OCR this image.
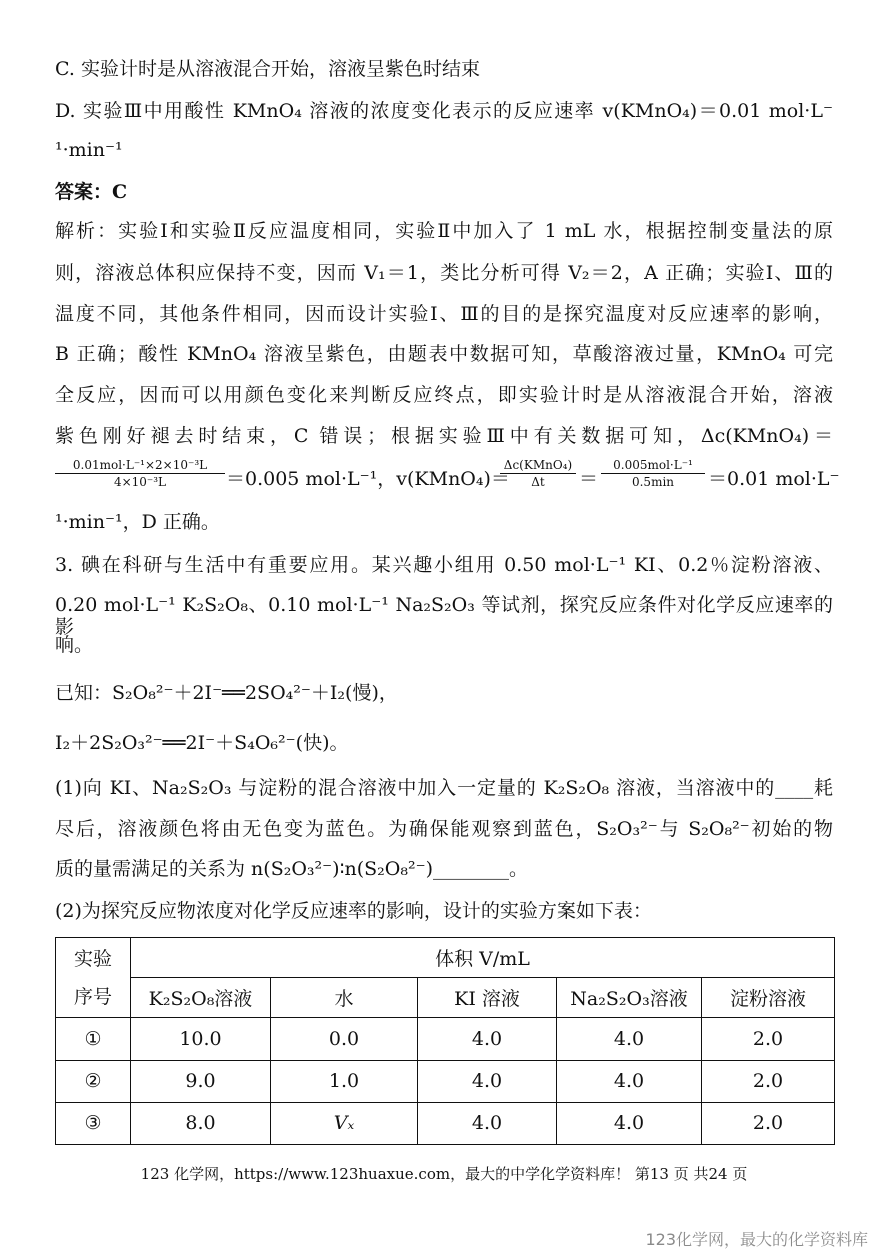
C. 实验计时是从溶液混合开始，溶液呈紫色时结束
D. 实验Ⅲ中用酸性 KMnO₄ 溶液的浓度变化表示的反应速率 v(KMnO₄)＝0.01 mol·L⁻
¹·min⁻¹
答案：C
解析：实验Ⅰ和实验Ⅱ反应温度相同，实验Ⅱ中加入了 1 mL 水，根据控制变量法的原
则，溶液总体积应保持不变，因而 V₁＝1，类比分析可得 V₂＝2，A 正确；实验Ⅰ、Ⅲ的
温度不同，其他条件相同，因而设计实验Ⅰ、Ⅲ的目的是探究温度对反应速率的影响，
B 正确；酸性 KMnO₄ 溶液呈紫色，由题表中数据可知，草酸溶液过量，KMnO₄ 可完
全反应，因而可以用颜色变化来判断反应终点，即实验计时是从溶液混合开始，溶液
紫色刚好褪去时结束，C 错误；根据实验Ⅲ中有关数据可知，Δc(KMnO₄)＝
0.01mol·L⁻¹×2×10⁻³L
4×10⁻³L	＝0.005 mol·L⁻¹，v(KMnO₄)＝
Δc(KMnO₄)
Δt	＝
0.005mol·L⁻¹
0.5min	＝0.01 mol·L⁻
¹·min⁻¹，D 正确。
3. 碘在科研与生活中有重要应用。某兴趣小组用 0.50 mol·L⁻¹ KI、0.2％淀粉溶液、
0.20 mol·L⁻¹ K₂S₂O₈、0.10 mol·L⁻¹ Na₂S₂O₃ 等试剂，探究反应条件对化学反应速率的影
响。
已知：S₂O₈²⁻＋2I⁻══2SO₄²⁻＋I₂(慢)，
I₂＋2S₂O₃²⁻══2I⁻＋S₄O₆²⁻(快)。
(1)向 KI、Na₂S₂O₃ 与淀粉的混合溶液中加入一定量的 K₂S₂O₈ 溶液，当溶液中的____耗
尽后，溶液颜色将由无色变为蓝色。为确保能观察到蓝色，S₂O₃²⁻与 S₂O₈²⁻初始的物
质的量需满足的关系为 n(S₂O₃²⁻)∶n(S₂O₈²⁻)________。
(2)为探究反应物浓度对化学反应速率的影响，设计的实验方案如下表：
实验
序号	体积 V/mL				
	K₂S₂O₈溶液	水	KI 溶液	Na₂S₂O₃溶液	淀粉溶液
①	10.0	0.0	4.0	4.0	2.0
②	9.0	1.0	4.0	4.0	2.0
③	8.0	Vₓ	4.0	4.0	2.0
123 化学网，https://www.123huaxue.com，最大的中学化学资料库！ 第13 页 共24 页
123化学网，最大的化学资料库
